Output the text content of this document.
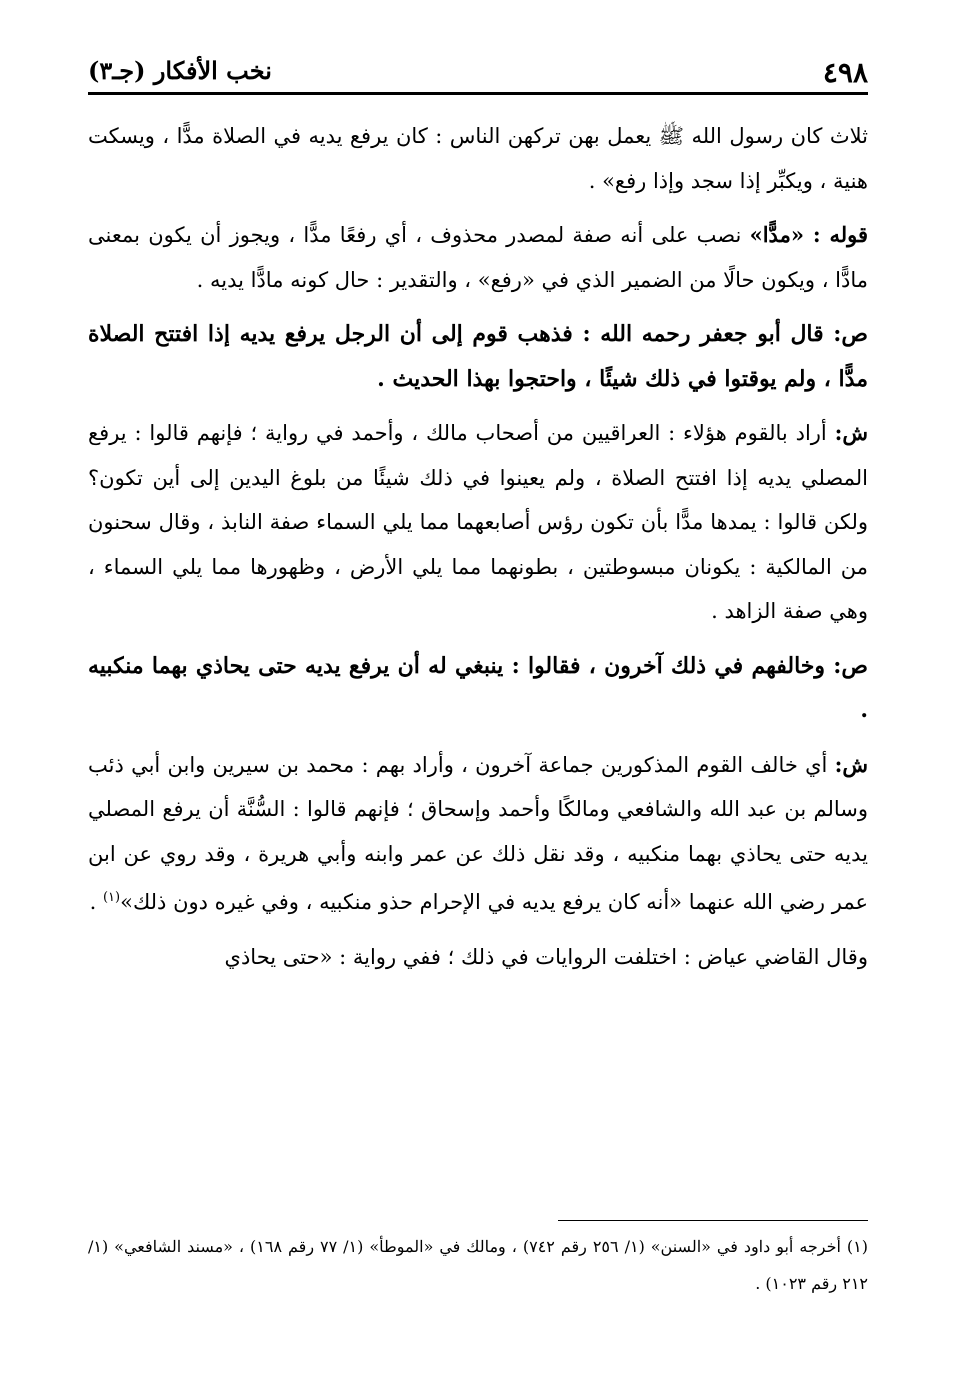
٤٩٨
نخب الأفكار (جـ٣)

ثلاث كان رسول الله ﷺ يعمل بهن تركهن الناس : كان يرفع يديه في الصلاة مدًّا ، ويسكت هنية ، ويكبِّر إذا سجد وإذا رفع» .

قوله : «مدًّا» نصب على أنه صفة لمصدر محذوف ، أي رفعًا مدًّا ، ويجوز أن يكون بمعنى مادًّا ، ويكون حالًا من الضمير الذي في «رفع» ، والتقدير : حال كونه مادًّا يديه .

ص: قال أبو جعفر رحمه الله : فذهب قوم إلى أن الرجل يرفع يديه إذا افتتح الصلاة مدًّا ، ولم يوقتوا في ذلك شيئًا ، واحتجوا بهذا الحديث .

ش: أراد بالقوم هؤلاء : العراقيين من أصحاب مالك ، وأحمد في رواية ؛ فإنهم قالوا : يرفع المصلي يديه إذا افتتح الصلاة ، ولم يعينوا في ذلك شيئًا من بلوغ اليدين إلى أين تكون؟ ولكن قالوا : يمدها مدًّا بأن تكون رؤس أصابعهما مما يلي السماء صفة النابذ ، وقال سحنون من المالكية : يكونان مبسوطتين ، بطونهما مما يلي الأرض ، وظهورها مما يلي السماء ، وهي صفة الزاهد .

ص: وخالفهم في ذلك آخرون ، فقالوا : ينبغي له أن يرفع يديه حتى يحاذي بهما منكبيه .

ش: أي خالف القوم المذكورين جماعة آخرون ، وأراد بهم : محمد بن سيرين وابن أبي ذئب وسالم بن عبد الله والشافعي ومالكًا وأحمد وإسحاق ؛ فإنهم قالوا : السُّنَّة أن يرفع المصلي يديه حتى يحاذي بهما منكبيه ، وقد نقل ذلك عن عمر وابنه وأبي هريرة ، وقد روي عن ابن عمر رضي الله عنهما «أنه كان يرفع يديه في الإحرام حذو منكبيه ، وفي غيره دون ذلك»$^{(١)}$ .

وقال القاضي عياض : اختلفت الروايات في ذلك ؛ ففي رواية : «حتى يحاذي

(١) أخرجه أبو داود في «السنن» (١/ ٢٥٦ رقم ٧٤٢) ، ومالك في «الموطأ» (١/ ٧٧ رقم ١٦٨) ، «مسند الشافعي» (١/ ٢١٢ رقم ١٠٢٣) .
